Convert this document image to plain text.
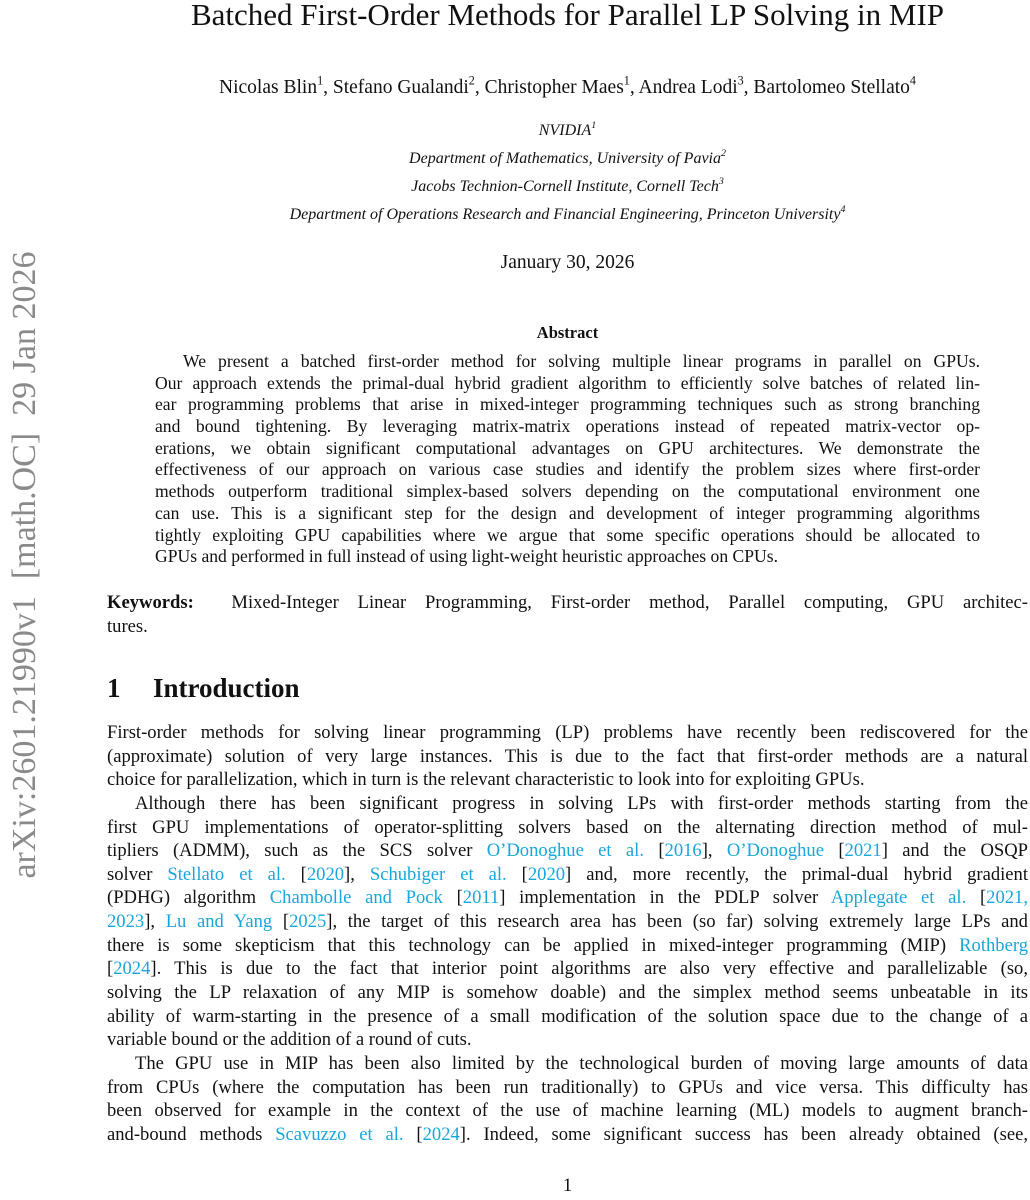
arXiv:2601.21990v1  [math.OC]  29 Jan 2026
Batched First-Order Methods for Parallel LP Solving in MIP
Nicolas Blin$^1$, Stefano Gualandi$^2$, Christopher Maes$^1$, Andrea Lodi$^3$, Bartolomeo Stellato$^4$
NVIDIA$^1$
Department of Mathematics, University of Pavia$^2$
Jacobs Technion-Cornell Institute, Cornell Tech$^3$
Department of Operations Research and Financial Engineering, Princeton University$^4$
January 30, 2026
Abstract
We present a batched first-order method for solving multiple linear programs in parallel on GPUs.
Our approach extends the primal-dual hybrid gradient algorithm to efficiently solve batches of related lin-
ear programming problems that arise in mixed-integer programming techniques such as strong branching
and bound tightening. By leveraging matrix-matrix operations instead of repeated matrix-vector op-
erations, we obtain significant computational advantages on GPU architectures. We demonstrate the
effectiveness of our approach on various case studies and identify the problem sizes where first-order
methods outperform traditional simplex-based solvers depending on the computational environment one
can use. This is a significant step for the design and development of integer programming algorithms
tightly exploiting GPU capabilities where we argue that some specific operations should be allocated to
GPUs and performed in full instead of using light-weight heuristic approaches on CPUs.
Keywords: Mixed-Integer Linear Programming, First-order method, Parallel computing, GPU architec-
tures.
1 Introduction
First-order methods for solving linear programming (LP) problems have recently been rediscovered for the
(approximate) solution of very large instances. This is due to the fact that first-order methods are a natural
choice for parallelization, which in turn is the relevant characteristic to look into for exploiting GPUs.
Although there has been significant progress in solving LPs with first-order methods starting from the
first GPU implementations of operator-splitting solvers based on the alternating direction method of mul-
tipliers (ADMM), such as the SCS solver O’Donoghue et al. [2016], O’Donoghue [2021] and the OSQP
solver Stellato et al. [2020], Schubiger et al. [2020] and, more recently, the primal-dual hybrid gradient
(PDHG) algorithm Chambolle and Pock [2011] implementation in the PDLP solver Applegate et al. [2021,
2023], Lu and Yang [2025], the target of this research area has been (so far) solving extremely large LPs and
there is some skepticism that this technology can be applied in mixed-integer programming (MIP) Rothberg
[2024]. This is due to the fact that interior point algorithms are also very effective and parallelizable (so,
solving the LP relaxation of any MIP is somehow doable) and the simplex method seems unbeatable in its
ability of warm-starting in the presence of a small modification of the solution space due to the change of a
variable bound or the addition of a round of cuts.
The GPU use in MIP has been also limited by the technological burden of moving large amounts of data
from CPUs (where the computation has been run traditionally) to GPUs and vice versa. This difficulty has
been observed for example in the context of the use of machine learning (ML) models to augment branch-
and-bound methods Scavuzzo et al. [2024]. Indeed, some significant success has been already obtained (see,
1
